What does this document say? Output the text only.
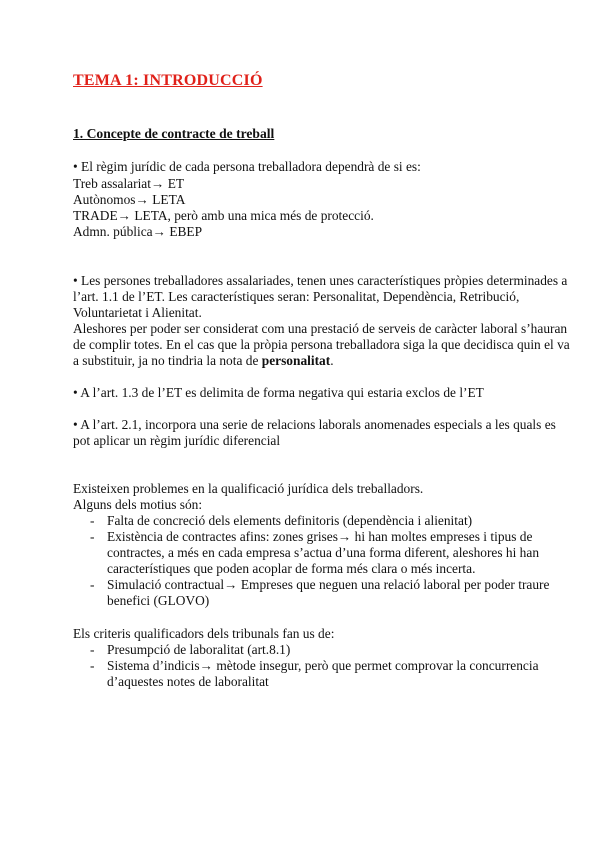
TEMA 1: INTRODUCCIÓ
1. Concepte de contracte de treball
• El règim jurídic de cada persona treballadora dependrà de si es:
Treb assalariat→ ET
Autònomos→ LETA
TRADE→ LETA, però amb una mica més de protecció.
Admn. pública→ EBEP
• Les persones treballadores assalariades, tenen unes característiques pròpies determinades a
l’art. 1.1 de l’ET. Les característiques seran: Personalitat, Dependència, Retribució,
Voluntarietat i Alienitat.
Aleshores per poder ser considerat com una prestació de serveis de caràcter laboral s’hauran
de complir totes. En el cas que la pròpia persona treballadora siga la que decidisca quin el va
a substituir, ja no tindria la nota de personalitat.
• A l’art. 1.3 de l’ET es delimita de forma negativa qui estaria exclos de l’ET
• A l’art. 2.1, incorpora una serie de relacions laborals anomenades especials a les quals es
pot aplicar un règim jurídic diferencial
Existeixen problemes en la qualificació jurídica dels treballadors.
Alguns dels motius són:
- Falta de concreció dels elements definitoris (dependència i alienitat)
- Existència de contractes afins: zones grises→ hi han moltes empreses i tipus de
contractes, a més en cada empresa s’actua d’una forma diferent, aleshores hi han
característiques que poden acoplar de forma més clara o més incerta.
- Simulació contractual→ Empreses que neguen una relació laboral per poder traure
benefici (GLOVO)
Els criteris qualificadors dels tribunals fan us de:
- Presumpció de laboralitat (art.8.1)
- Sistema d’indicis→ mètode insegur, però que permet comprovar la concurrencia
d’aquestes notes de laboralitat
